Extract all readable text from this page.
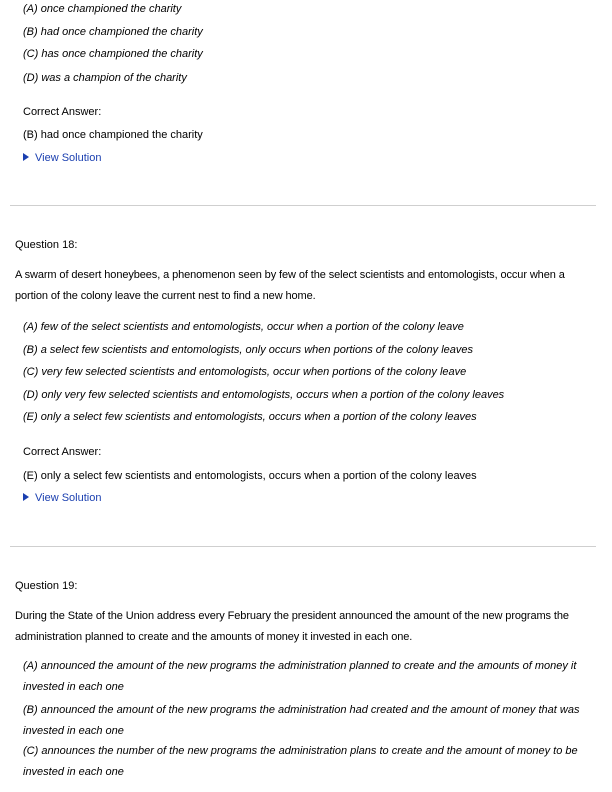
(A) once championed the charity
(B) had once championed the charity
(C) has once championed the charity
(D) was a champion of the charity
Correct Answer:
(B) had once championed the charity
View Solution
Question 18:
A swarm of desert honeybees, a phenomenon seen by few of the select scientists and entomologists, occur when a portion of the colony leave the current nest to find a new home.
(A) few of the select scientists and entomologists, occur when a portion of the colony leave
(B) a select few scientists and entomologists, only occurs when portions of the colony leaves
(C) very few selected scientists and entomologists, occur when portions of the colony leave
(D) only very few selected scientists and entomologists, occurs when a portion of the colony leaves
(E) only a select few scientists and entomologists, occurs when a portion of the colony leaves
Correct Answer:
(E) only a select few scientists and entomologists, occurs when a portion of the colony leaves
View Solution
Question 19:
During the State of the Union address every February the president announced the amount of the new programs the administration planned to create and the amounts of money it invested in each one.
(A) announced the amount of the new programs the administration planned to create and the amounts of money it invested in each one
(B) announced the amount of the new programs the administration had created and the amount of money that was invested in each one
(C) announces the number of the new programs the administration plans to create and the amount of money to be invested in each one
